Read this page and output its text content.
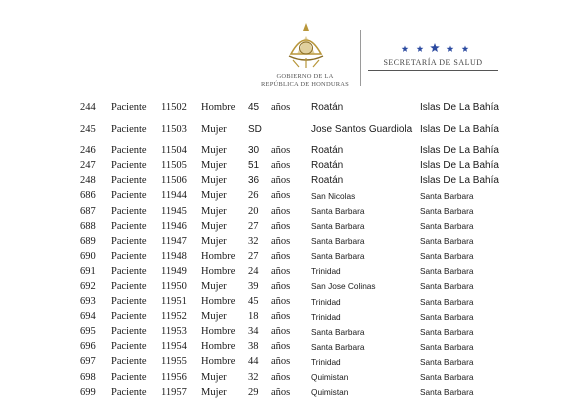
GOBIERNO DE LA
REPÚBLICA DE HONDURAS
SECRETARÍA DE SALUD
244	Paciente	11502	Hombre	45	años	Roatán	Islas De La Bahía
245	Paciente	11503	Mujer	SD		Jose Santos Guardiola	Islas De La Bahía
246	Paciente	11504	Mujer	30	años	Roatán	Islas De La Bahía
247	Paciente	11505	Mujer	51	años	Roatán	Islas De La Bahía
248	Paciente	11506	Mujer	36	años	Roatán	Islas De La Bahía
686	Paciente	11944	Mujer	26	años	San Nicolas	Santa Barbara
687	Paciente	11945	Mujer	20	años	Santa Barbara	Santa Barbara
688	Paciente	11946	Mujer	27	años	Santa Barbara	Santa Barbara
689	Paciente	11947	Mujer	32	años	Santa Barbara	Santa Barbara
690	Paciente	11948	Hombre	27	años	Santa Barbara	Santa Barbara
691	Paciente	11949	Hombre	24	años	Trinidad	Santa Barbara
692	Paciente	11950	Mujer	39	años	San Jose Colinas	Santa Barbara
693	Paciente	11951	Hombre	45	años	Trinidad	Santa Barbara
694	Paciente	11952	Mujer	18	años	Trinidad	Santa Barbara
695	Paciente	11953	Hombre	34	años	Santa Barbara	Santa Barbara
696	Paciente	11954	Hombre	38	años	Santa Barbara	Santa Barbara
697	Paciente	11955	Hombre	44	años	Trinidad	Santa Barbara
698	Paciente	11956	Mujer	32	años	Quimistan	Santa Barbara
699	Paciente	11957	Mujer	29	años	Quimistan	Santa Barbara
